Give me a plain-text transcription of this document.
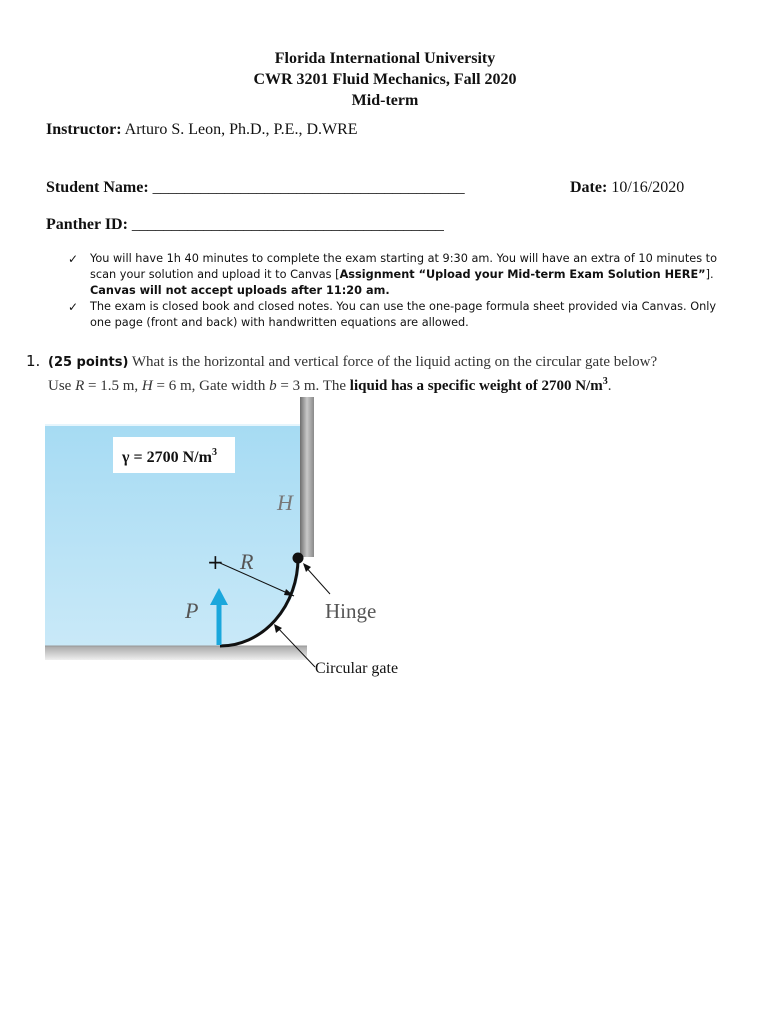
Florida International University
CWR 3201 Fluid Mechanics, Fall 2020
Mid-term
Instructor: Arturo S. Leon, Ph.D., P.E., D.WRE
Student Name: _______________________________________	Date: 10/16/2020
Panther ID: _______________________________________
✓ You will have 1h 40 minutes to complete the exam starting at 9:30 am. You will have an extra of 10 minutes to scan your solution and upload it to Canvas [Assignment “Upload your Mid-term Exam Solution HERE”]. Canvas will not accept uploads after 11:20 am.
✓ The exam is closed book and closed notes. You can use the one-page formula sheet provided via Canvas. Only one page (front and back) with handwritten equations are allowed.
1. (25 points) What is the horizontal and vertical force of the liquid acting on the circular gate below?
Use R = 1.5 m, H = 6 m, Gate width b = 3 m. The liquid has a specific weight of 2700 $N/m^3$.
γ = 2700 $N/m^3$
H
+ R
P	Hinge
Circular gate
